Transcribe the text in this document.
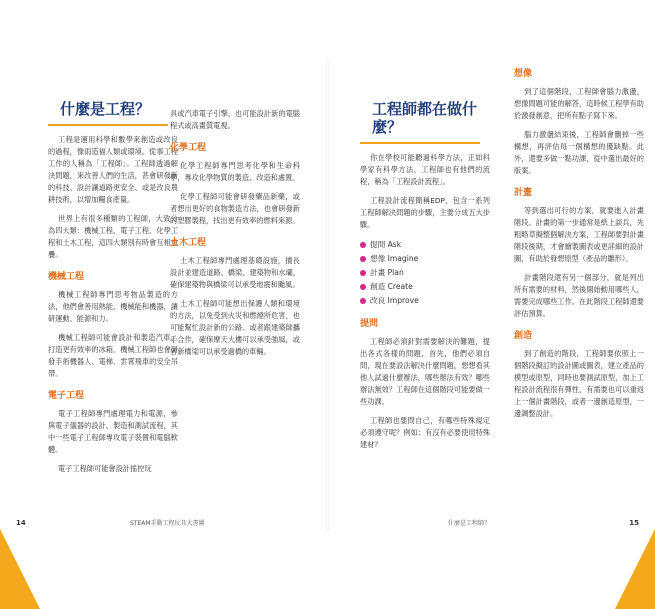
什麼是工程？

工程是運用科學和數學來創造或改良的過程，像雨造福人類或環境。從事工程工作的人稱為「工程師」。工程師透過解決問題，來改善人們的生活，甚會研發新的科技、設計讓道路更安全、或是改良農耕技術，以增加糧食產量。

世界上有很多種類的工程師，大致分為四大類：機械工程、電子工程、化學工程和土木工程，這四大類別有時會互相重疊。

機械工程

機械工程師專門思考物品製造的方法，他們會善用熱能、機械能和機器，讓研運動、能源和力。

機械工程師可能會設計和製造汽車，打造更有效率的冰箱。機械工程師也會研發手術機器人、電梯、雲霄飛車的安全吊帶。

電子工程

電子工程師專門處理電力和電源，參與電子儀器的設計、製造和測試流程，其中一些電子工程師專攻電子裝置和電腦軟體。

電子工程師可能會設計搖控玩

具或汽車電子引擎，也可能設計新的電腦程式或高畫質電視。

化學工程

化學工程師專門思考化學和生命科學，專攻化學物質的製造、改造和處置。

化學工程師可能會研發藥品新藥，或者想出更好的食物製造方法，也會研發新的塑膠製程，找出更有效率的燃料來源。

土木工程

土木工程師專門處理基礎設施，擅長設計並建造道路、橋梁、建築物和水壩，確保建築物與橋梁可以承受地震和颱風。

土木工程師可能想出保護人類和環境的方法，以免受到火災和燃燒所危害，也可能幫忙設計新的公路、或者跟建築師攜手合作，確保摩天大樓可以承受強風，或者新橋梁可以承受過橋的車輛。

14	STEAM手動工程玩具大書圖
工程師都在做什麼？

你在學校可能聽過科學方法，正如科學家有科學方法，工程師也有他們的流程，稱為「工程設計流程」。

工程設計流程簡稱EDP，包含一系列工程師解決問題的步驟，主要分成五大步驟。

提問 Ask
想像 Imagine
計畫 Plan
創造 Create
改良 Improve
提問

工程師必須針對需要解決的難題，提出各式各樣的問題，首先，他們必須自問，現在要設法解決什麼問題，想想看其他人試過什麼辦法，哪些辦法有效？哪些辦法無效？工程師在這個階段可能要做一些功課。

工程師也要問自己，有哪些特殊規定必須遵守呢？例如：有沒有必要使用特殊建材？

想像

到了這個階段，工程師會腦力激盪，想像問題可能的解答，這時候工程學有助於激發創意，把所有點子寫下來。

腦力激盪結束後，工程師會刪掉一些構想，再評估每一個構想的優缺點。此外，還要多做一點功課，從中選出最好的版案。

計畫

等到選出可行的方案，就要進入計畫階段。計畫的第一步通常是紙上談兵，先粗略草擬整個解決方案，工程師要對計畫階段後期，才會繪製圖表或更詳細的設計圖，有助於發想原型（產品的雛形）。

計畫階段還有另一個部分，就是列出所有需要的材料，然後開始動用哪些人，需要完成哪些工作。在此階段工程師還要評估預算。

創造

到了創造的階段，工程師要依照上一個階段擬訂的設計圖或圖表，建立產品的模型或原型，同時也要測試原型，加上工程設計流程很有彈性，有需要也可以重返上一個計畫階段，或者一邊創造原型，一邊調整設計。

什麼是工程師？	15
